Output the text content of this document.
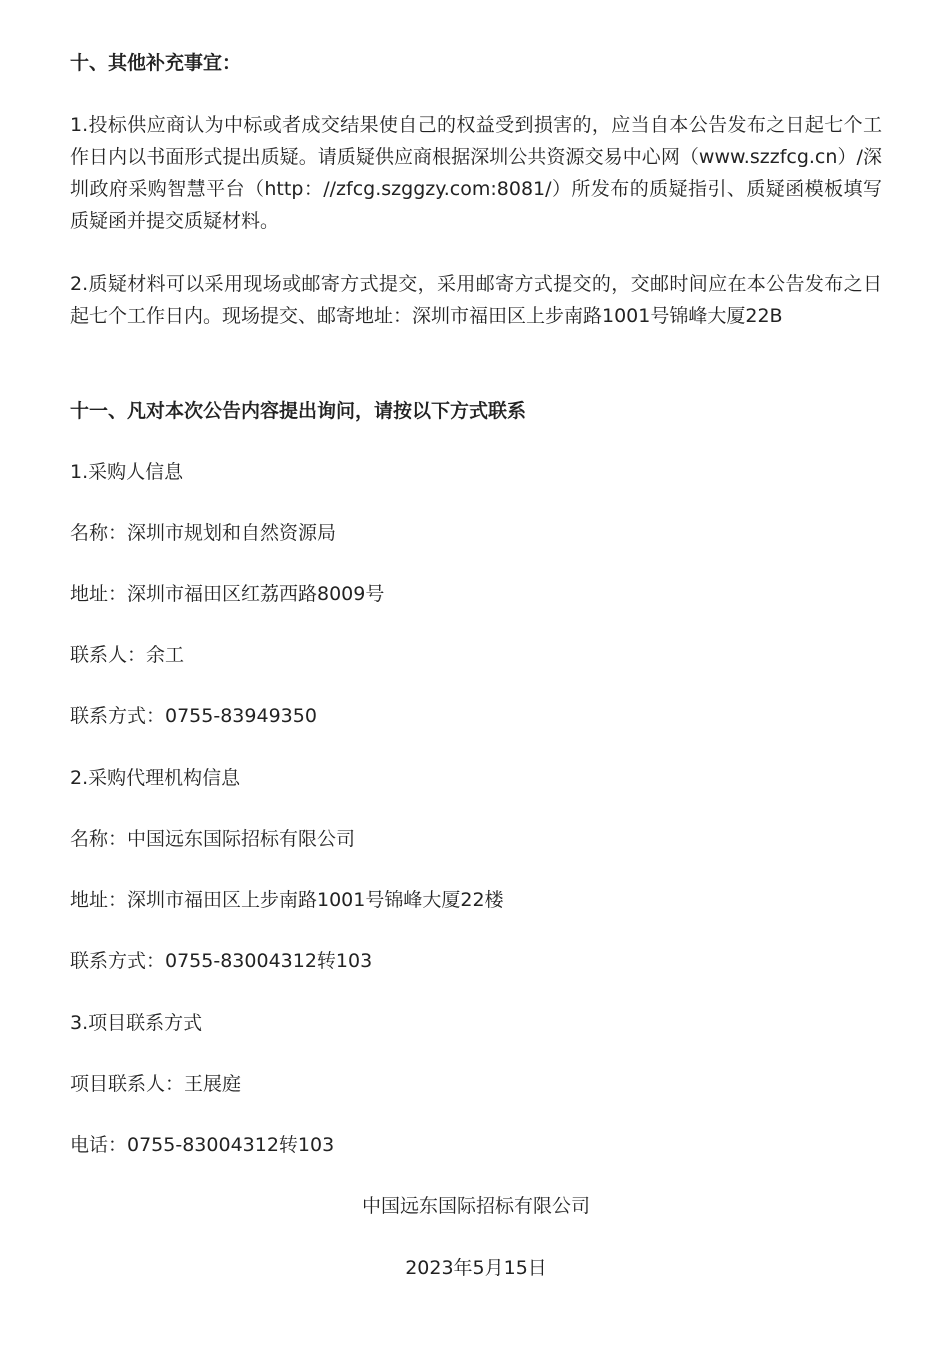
十、其他补充事宜：
1.投标供应商认为中标或者成交结果使自己的权益受到损害的，应当自本公告发布之日起七个工作日内以书面形式提出质疑。请质疑供应商根据深圳公共资源交易中心网（www.szzfcg.cn）/深圳政府采购智慧平台（http：//zfcg.szggzy.com:8081/）所发布的质疑指引、质疑函模板填写质疑函并提交质疑材料。
2.质疑材料可以采用现场或邮寄方式提交，采用邮寄方式提交的，交邮时间应在本公告发布之日起七个工作日内。现场提交、邮寄地址：深圳市福田区上步南路1001号锦峰大厦22B
十一、凡对本次公告内容提出询问，请按以下方式联系
1.采购人信息
名称：深圳市规划和自然资源局
地址：深圳市福田区红荔西路8009号
联系人：余工
联系方式：0755-83949350
2.采购代理机构信息
名称：中国远东国际招标有限公司
地址：深圳市福田区上步南路1001号锦峰大厦22楼
联系方式：0755-83004312转103
3.项目联系方式
项目联系人：王展庭
电话：0755-83004312转103
中国远东国际招标有限公司
2023年5月15日
